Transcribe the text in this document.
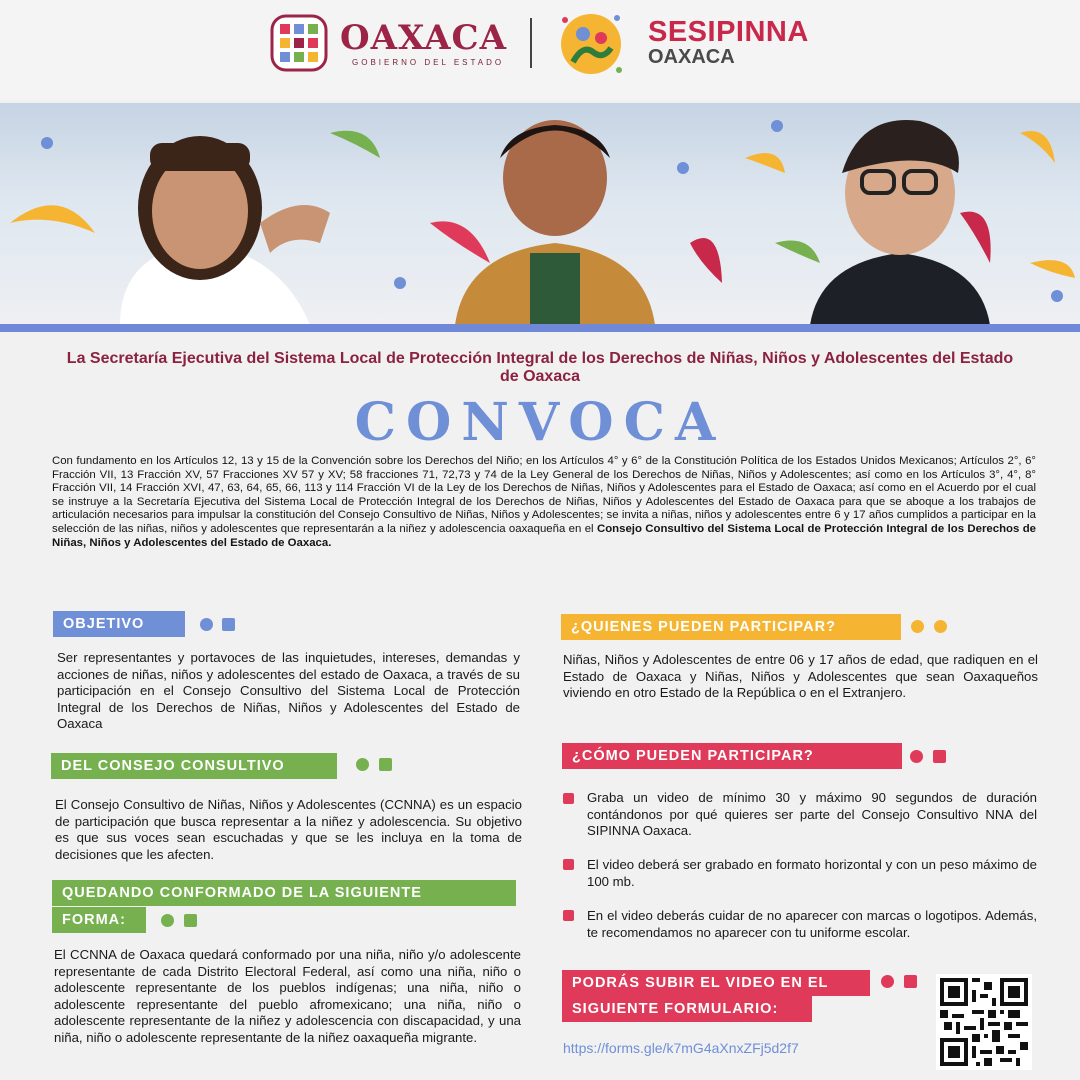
OAXACA
GOBIERNO DEL ESTADO
SESIPINNA
OAXACA
La Secretaría Ejecutiva del Sistema Local de Protección Integral de los Derechos de Niñas, Niños y Adolescentes del Estado de Oaxaca
CONVOCA
Con fundamento en los Artículos 12, 13 y 15 de la Convención sobre los Derechos del Niño; en los Artículos 4° y 6° de la Constitución Política de los Estados Unidos Mexicanos; Artículos 2°, 6° Fracción VII, 13 Fracción XV, 57 Fracciones XV 57 y XV; 58 fracciones 71, 72,73 y 74 de la Ley General de los Derechos de Niñas, Niños y Adolescentes; así como en los Artículos 3°, 4°, 8° Fracción VII, 14 Fracción XVI, 47, 63, 64, 65, 66, 113 y 114 Fracción VI de la Ley de los Derechos de Niñas, Niños y Adolescentes para el Estado de Oaxaca; así como en el Acuerdo por el cual se instruye a la Secretaría Ejecutiva del Sistema Local de Protección Integral de los Derechos de Niñas, Niños y Adolescentes del Estado de Oaxaca para que se aboque a los trabajos de articulación necesarios para impulsar la constitución del Consejo Consultivo de Niñas, Niños y Adolescentes; se invita a niñas, niños y adolescentes entre 6 y 17 años cumplidos a participar en la selección de las niñas, niños y adolescentes que representarán a la niñez y adolescencia oaxaqueña en el Consejo Consultivo del Sistema Local de Protección Integral de los Derechos de Niñas, Niños y Adolescentes del Estado de Oaxaca.
OBJETIVO
Ser representantes y portavoces de las inquietudes, intereses, demandas y acciones de niñas, niños y adolescentes del estado de Oaxaca, a través de su participación en el Consejo Consultivo del Sistema Local de Protección Integral de los Derechos de Niñas, Niños y Adolescentes del Estado de Oaxaca
DEL CONSEJO CONSULTIVO
El Consejo Consultivo de Niñas, Niños y Adolescentes (CCNNA) es un espacio de participación que busca representar a la niñez y adolescencia. Su objetivo es que sus voces sean escuchadas y que se les incluya en la toma de decisiones que les afecten.
QUEDANDO CONFORMADO DE LA SIGUIENTE
FORMA:
El CCNNA de Oaxaca quedará conformado por una niña, niño y/o adolescente representante de cada Distrito Electoral Federal, así como una niña, niño o adolescente representante de los pueblos indígenas; una niña, niño o adolescente representante del pueblo afromexicano; una niña, niño o adolescente representante de la niñez y adolescencia con discapacidad, y una niña, niño o adolescente representante de la niñez oaxaqueña migrante.
¿QUIENES PUEDEN PARTICIPAR?
Niñas, Niños y Adolescentes de entre 06 y 17 años de edad, que radiquen en el Estado de Oaxaca y Niñas, Niños y Adolescentes que sean Oaxaqueños viviendo en otro Estado de la República o en el Extranjero.
¿CÓMO PUEDEN PARTICIPAR?
Graba un video de mínimo 30 y máximo 90 segundos de duración contándonos por qué quieres ser parte del Consejo Consultivo NNA del SIPINNA Oaxaca.
El video deberá ser grabado en formato horizontal y con un peso máximo de 100 mb.
En el video deberás cuidar de no aparecer con marcas o logotipos. Además, te recomendamos no aparecer con tu uniforme escolar.
PODRÁS SUBIR EL VIDEO EN EL
SIGUIENTE FORMULARIO:
https://forms.gle/k7mG4aXnxZFj5d2f7
